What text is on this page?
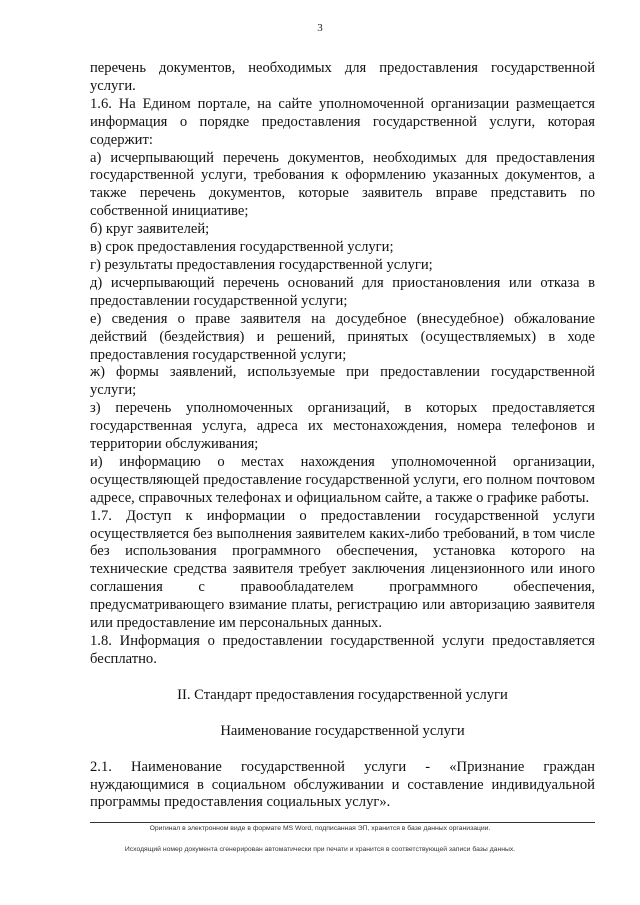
3

перечень документов, необходимых для предоставления государственной услуги.

1.6. На Едином портале, на сайте уполномоченной организации размещается информация о порядке предоставления государственной услуги, которая содержит:

а) исчерпывающий перечень документов, необходимых для предоставления государственной услуги, требования к оформлению указанных документов, а также перечень документов, которые заявитель вправе представить по собственной инициативе;

б) круг заявителей;

в) срок предоставления государственной услуги;

г) результаты предоставления государственной услуги;

д) исчерпывающий перечень оснований для приостановления или отказа в предоставлении государственной услуги;

е) сведения о праве заявителя на досудебное (внесудебное) обжалование действий (бездействия) и решений, принятых (осуществляемых) в ходе предоставления государственной услуги;

ж) формы заявлений, используемые при предоставлении государственной услуги;

з) перечень уполномоченных организаций, в которых предоставляется государственная услуга, адреса их местонахождения, номера телефонов и территории обслуживания;

и) информацию о местах нахождения уполномоченной организации, осуществляющей предоставление государственной услуги, его полном почтовом адресе, справочных телефонах и официальном сайте, а также о графике работы.

1.7. Доступ к информации о предоставлении государственной услуги осуществляется без выполнения заявителем каких-либо требований, в том числе без использования программного обеспечения, установка которого на технические средства заявителя требует заключения лицензионного или иного соглашения с правообладателем программного обеспечения, предусматривающего взимание платы, регистрацию или авторизацию заявителя или предоставление им персональных данных.

1.8. Информация о предоставлении государственной услуги предоставляется бесплатно.

II. Стандарт предоставления государственной услуги

Наименование государственной услуги

2.1. Наименование государственной услуги - «Признание граждан нуждающимися в социальном обслуживании и составление индивидуальной программы предоставления социальных услуг».

Оригинал в электронном виде в формате MS Word, подписанная ЭП, хранится в базе данных организации.
Исходящий номер документа сгенерирован автоматически при печати и хранится в соответствующей записи базы данных.
